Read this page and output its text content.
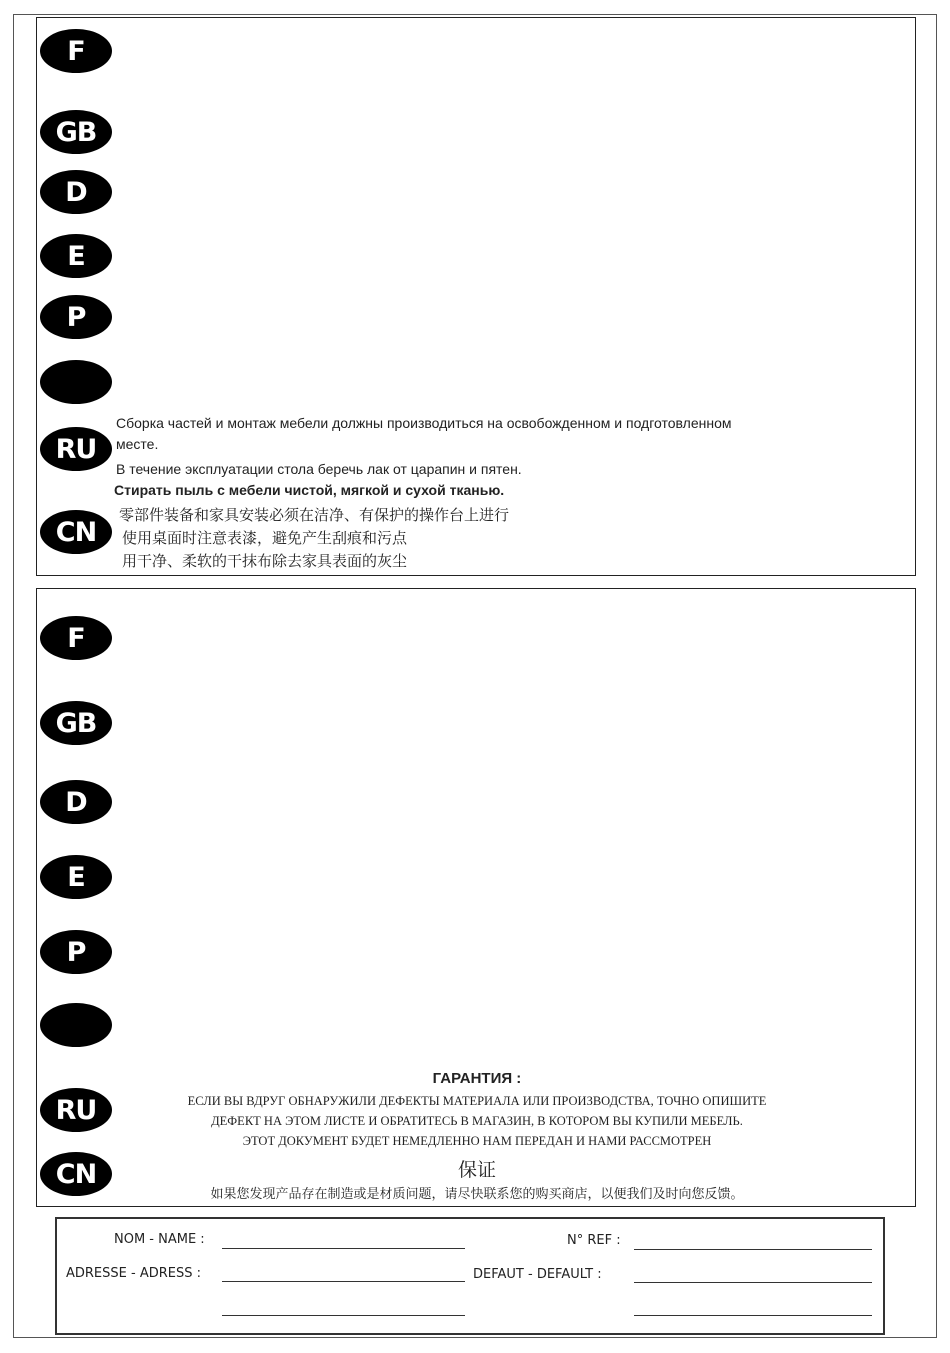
F
GB
D
E
P
RU
CN
Сборка частей и монтаж мебели должны производиться на освобожденном и подготовленном
месте.
В течение эксплуатации стола беречь лак от царапин и пятен.
Стирать пыль с мебели чистой, мягкой и сухой тканью.
零部件装备和家具安装必须在洁净、有保护的操作台上进行
使用桌面时注意表漆，避免产生刮痕和污点
用干净、柔软的干抹布除去家具表面的灰尘
F
GB
D
E
P
RU
CN
ГАРАНТИЯ :
ЕСЛИ ВЫ ВДРУГ ОБНАРУЖИЛИ ДЕФЕКТЫ МАТЕРИАЛА ИЛИ ПРОИЗВОДСТВА, ТОЧНО ОПИШИТЕ
ДЕФЕКТ НА ЭТОМ ЛИСТЕ И ОБРАТИТЕСЬ В МАГАЗИН, В КОТОРОМ ВЫ КУПИЛИ МЕБЕЛЬ.
ЭТОТ ДОКУМЕНТ БУДЕТ НЕМЕДЛЕННО НАМ ПЕРЕДАН И НАМИ РАССМОТРЕН
保证
如果您发现产品存在制造或是材质问题，请尽快联系您的购买商店，以便我们及时向您反馈。
NOM - NAME :	N° REF :
ADRESSE - ADRESS :	DEFAUT - DEFAULT :
